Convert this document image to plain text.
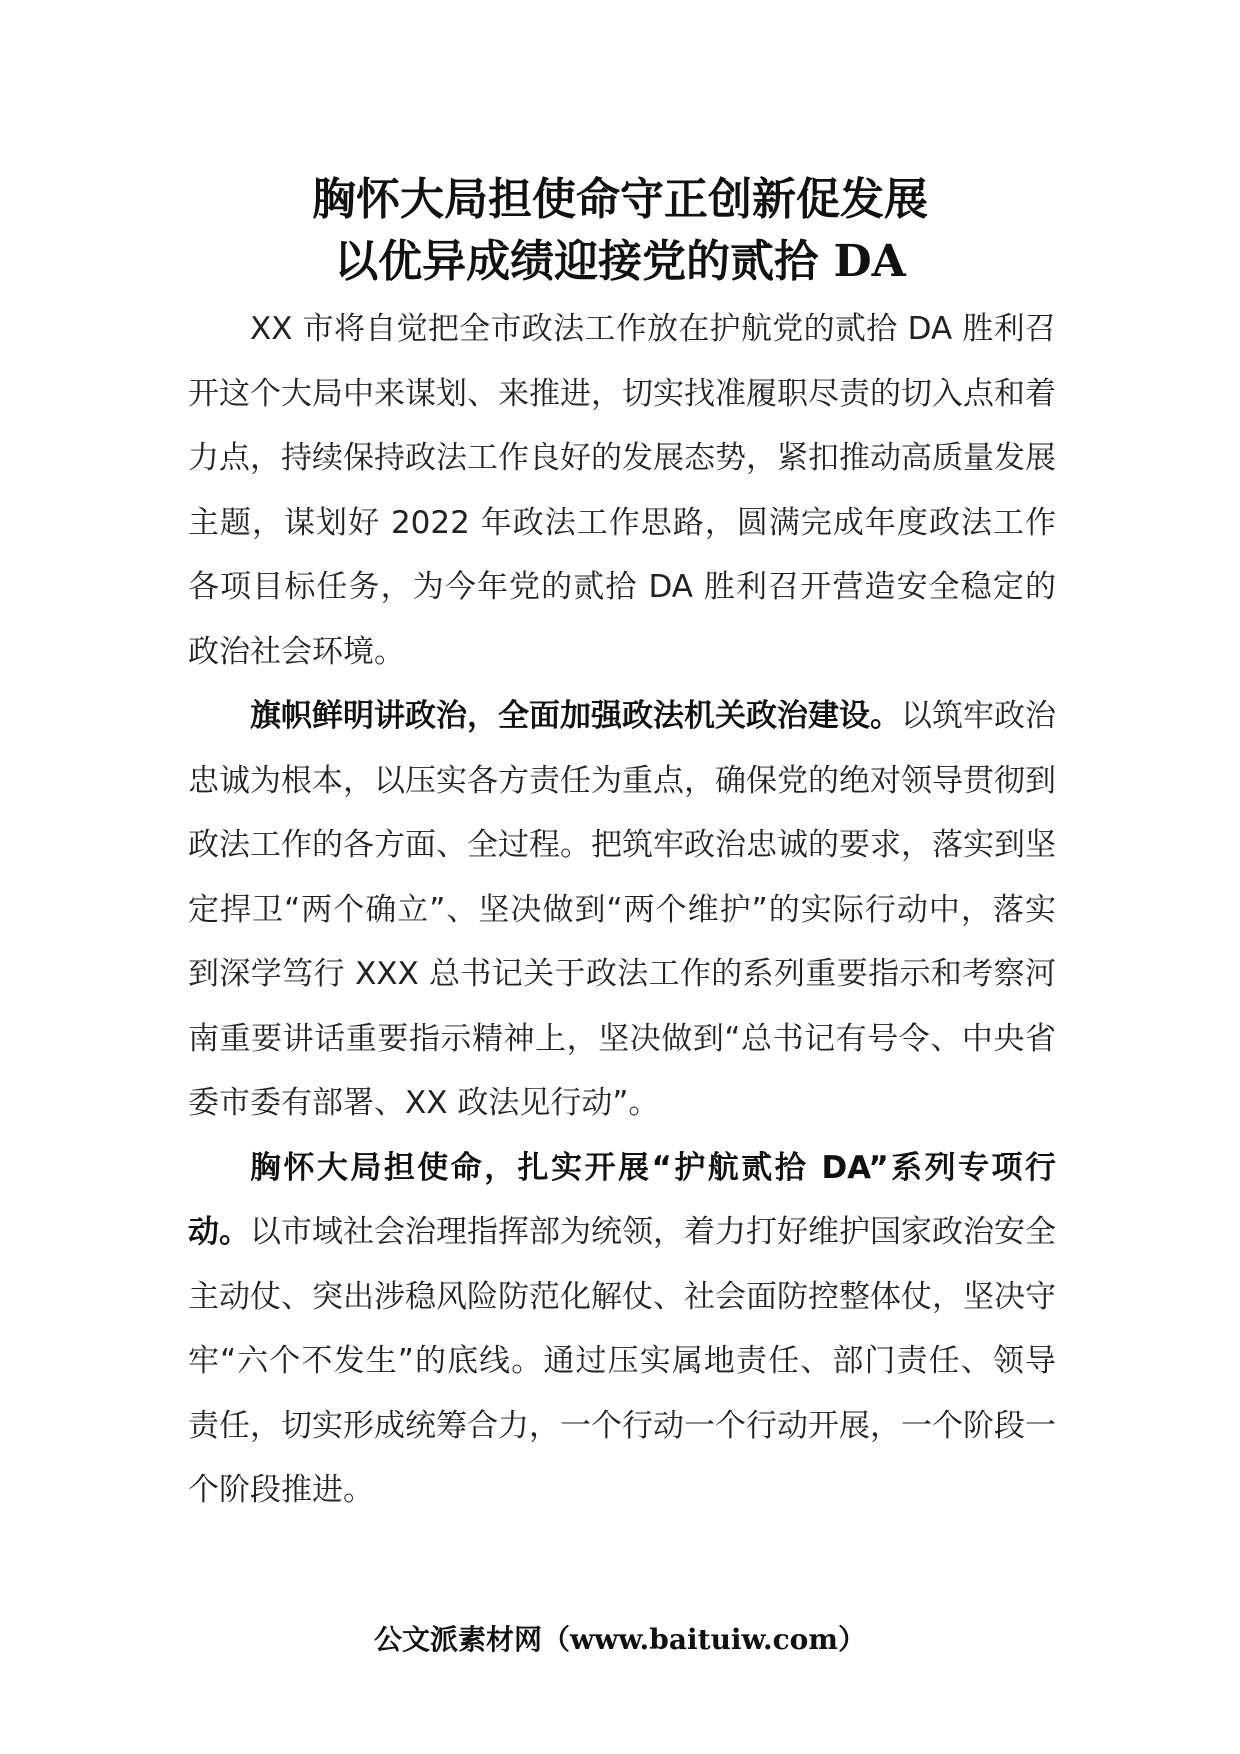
胸怀大局担使命守正创新促发展
以优异成绩迎接党的贰拾 DA

XX 市将自觉把全市政法工作放在护航党的贰拾 DA 胜利召开这个大局中来谋划、来推进，切实找准履职尽责的切入点和着力点，持续保持政法工作良好的发展态势，紧扣推动高质量发展主题，谋划好 2022 年政法工作思路，圆满完成年度政法工作各项目标任务，为今年党的贰拾 DA 胜利召开营造安全稳定的政治社会环境。

旗帜鲜明讲政治，全面加强政法机关政治建设。以筑牢政治忠诚为根本，以压实各方责任为重点，确保党的绝对领导贯彻到政法工作的各方面、全过程。把筑牢政治忠诚的要求，落实到坚定捍卫“两个确立”、坚决做到“两个维护”的实际行动中，落实到深学笃行 XXX 总书记关于政法工作的系列重要指示和考察河南重要讲话重要指示精神上，坚决做到“总书记有号令、中央省委市委有部署、XX 政法见行动”。

胸怀大局担使命，扎实开展“护航贰拾 DA”系列专项行动。以市域社会治理指挥部为统领，着力打好维护国家政治安全主动仗、突出涉稳风险防范化解仗、社会面防控整体仗，坚决守牢“六个不发生”的底线。通过压实属地责任、部门责任、领导责任，切实形成统筹合力，一个行动一个行动开展，一个阶段一个阶段推进。

公文派素材网（www.baituiw.com）
